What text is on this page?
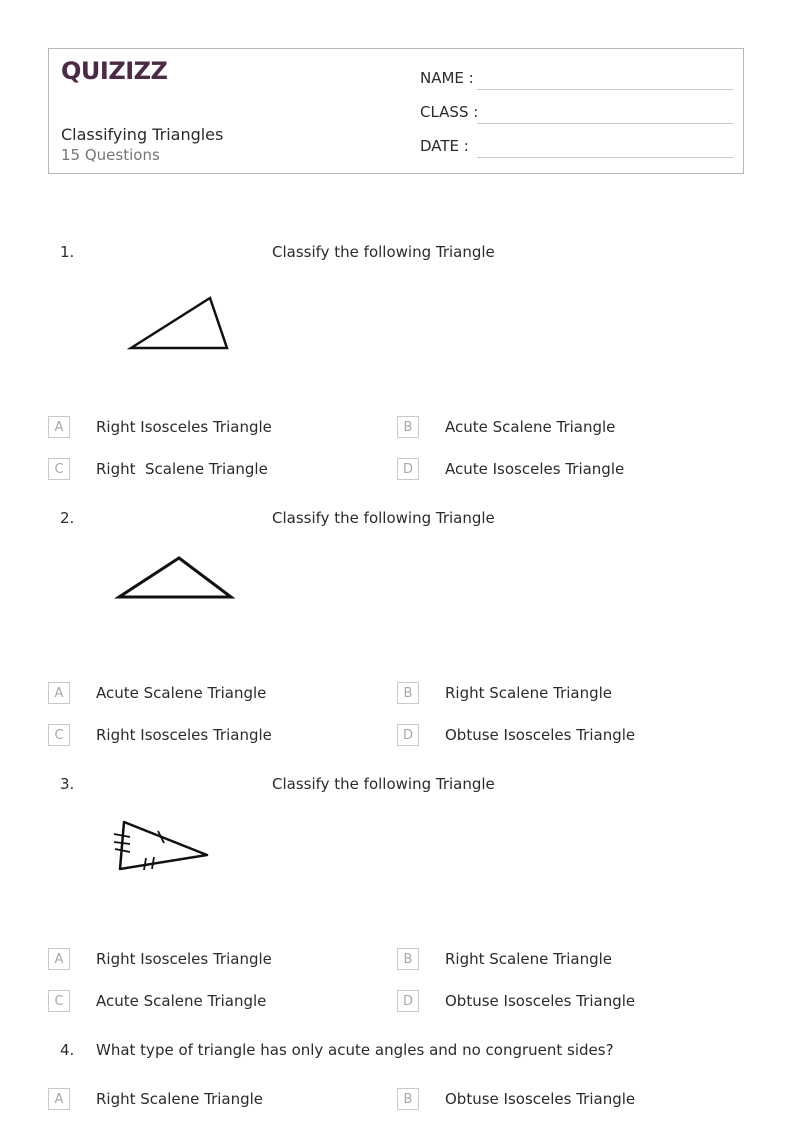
QUIZIZZ
Classifying Triangles
15 Questions
NAME :
CLASS :
DATE :
1.	Classify the following Triangle
A	Right Isosceles Triangle	B	Acute Scalene Triangle
C	Right  Scalene Triangle	D	Acute Isosceles Triangle
2.	Classify the following Triangle
A	Acute Scalene Triangle	B	Right Scalene Triangle
C	Right Isosceles Triangle	D	Obtuse Isosceles Triangle
3.	Classify the following Triangle
A	Right Isosceles Triangle	B	Right Scalene Triangle
C	Acute Scalene Triangle	D	Obtuse Isosceles Triangle
4. What type of triangle has only acute angles and no congruent sides?
A	Right Scalene Triangle	B	Obtuse Isosceles Triangle
